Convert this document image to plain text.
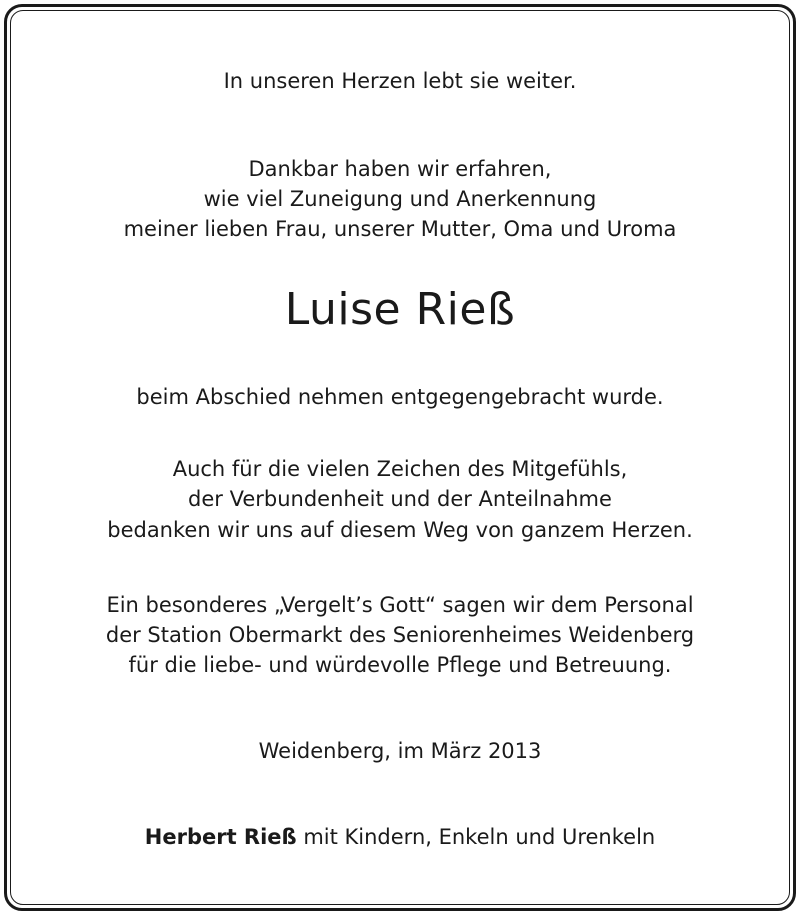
In unseren Herzen lebt sie weiter.
Dankbar haben wir erfahren,
wie viel Zuneigung und Anerkennung
meiner lieben Frau, unserer Mutter, Oma und Uroma
Luise Rieß
beim Abschied nehmen entgegengebracht wurde.
Auch für die vielen Zeichen des Mitgefühls,
der Verbundenheit und der Anteilnahme
bedanken wir uns auf diesem Weg von ganzem Herzen.
Ein besonderes „Vergelt’s Gott“ sagen wir dem Personal
der Station Obermarkt des Seniorenheimes Weidenberg
für die liebe- und würdevolle Pflege und Betreuung.
Weidenberg, im März 2013
Herbert Rieß mit Kindern, Enkeln und Urenkeln
